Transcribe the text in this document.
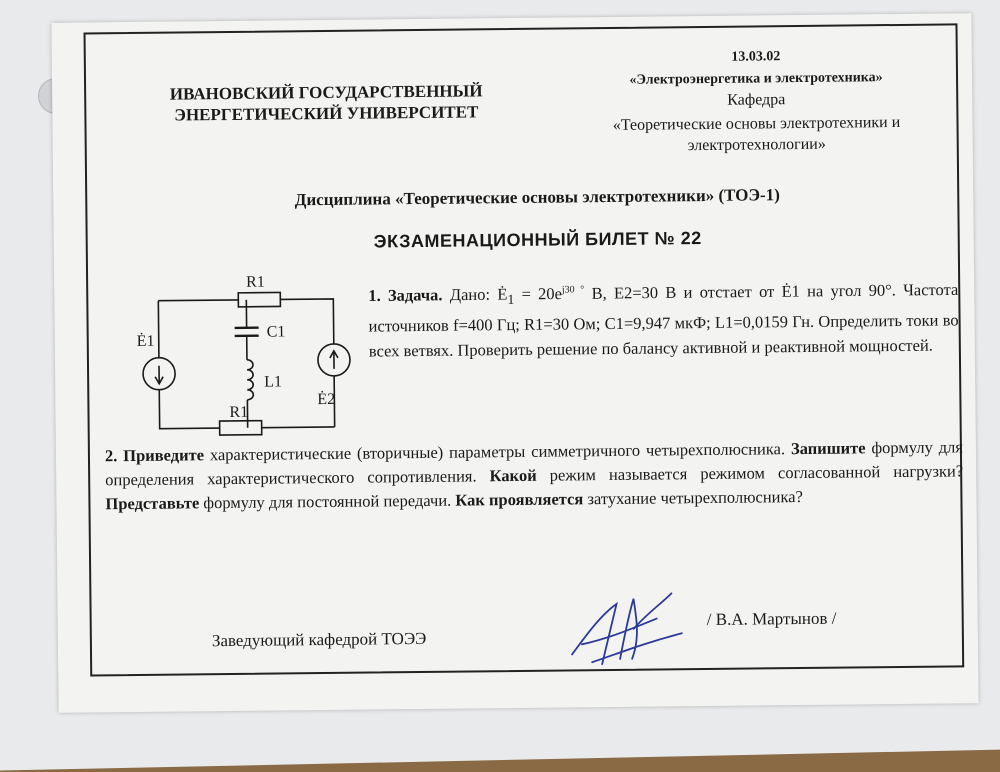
ИВАНОВСКИЙ ГОСУДАРСТВЕННЫЙ ЭНЕРГЕТИЧЕСКИЙ УНИВЕРСИТЕТ
13.03.02
«Электроэнергетика и электротехника»
Кафедра
«Теоретические основы электротехники и электротехнологии»
Дисциплина «Теоретические основы электротехники» (ТОЭ-1)
ЭКЗАМЕНАЦИОННЫЙ БИЛЕТ № 22
R1
R1
C1
L1
Ė1
Ė2
1. Задача. Дано: $Ė_1 = 20e^{j30 ^\circ}$ В, E2=30 В и отстает от Ė1 на угол 90°. Частота источников f=400 Гц; R1=30 Ом; C1=9,947 мкФ; L1=0,0159 Гн. Определить токи во всех ветвях. Проверить решение по балансу активной и реактивной мощностей.
2. Приведите характеристические (вторичные) параметры симметричного четырехполюсника. Запишите формулу для определения характеристического сопротивления. Какой режим называется режимом согласованной нагрузки? Представьте формулу для постоянной передачи. Как проявляется затухание четырехполюсника?
Заведующий кафедрой ТОЭЭ
/ В.А. Мартынов /
